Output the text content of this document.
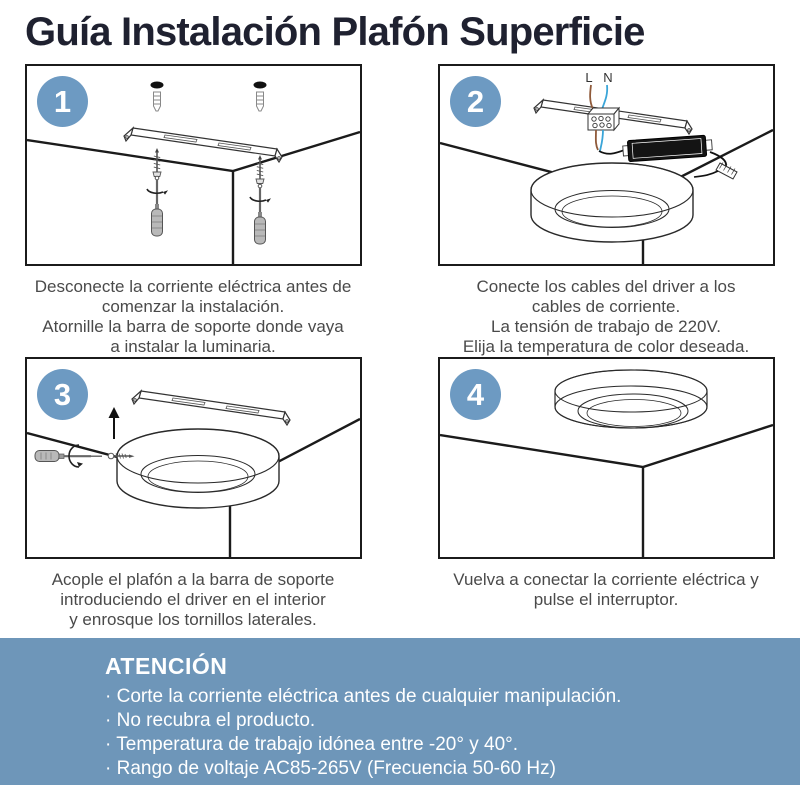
Guía Instalación Plafón Superficie
1
Desconecte la corriente eléctrica antes de
comenzar la instalación.
Atornille la barra de soporte donde vaya
a instalar la luminaria.
2
L N
Conecte los cables del driver a los
cables de corriente.
La tensión de trabajo de 220V.
Elija la temperatura de color deseada.
3
Acople el plafón a la barra de soporte
introduciendo el driver en el interior
y enrosque los tornillos laterales.
4
Vuelva a conectar la corriente eléctrica y
pulse el interruptor.
ATENCIÓN
· Corte la corriente eléctrica antes de cualquier manipulación.
· No recubra el producto.
· Temperatura de trabajo idónea entre -20° y 40°.
· Rango de voltaje AC85-265V (Frecuencia 50-60 Hz)
